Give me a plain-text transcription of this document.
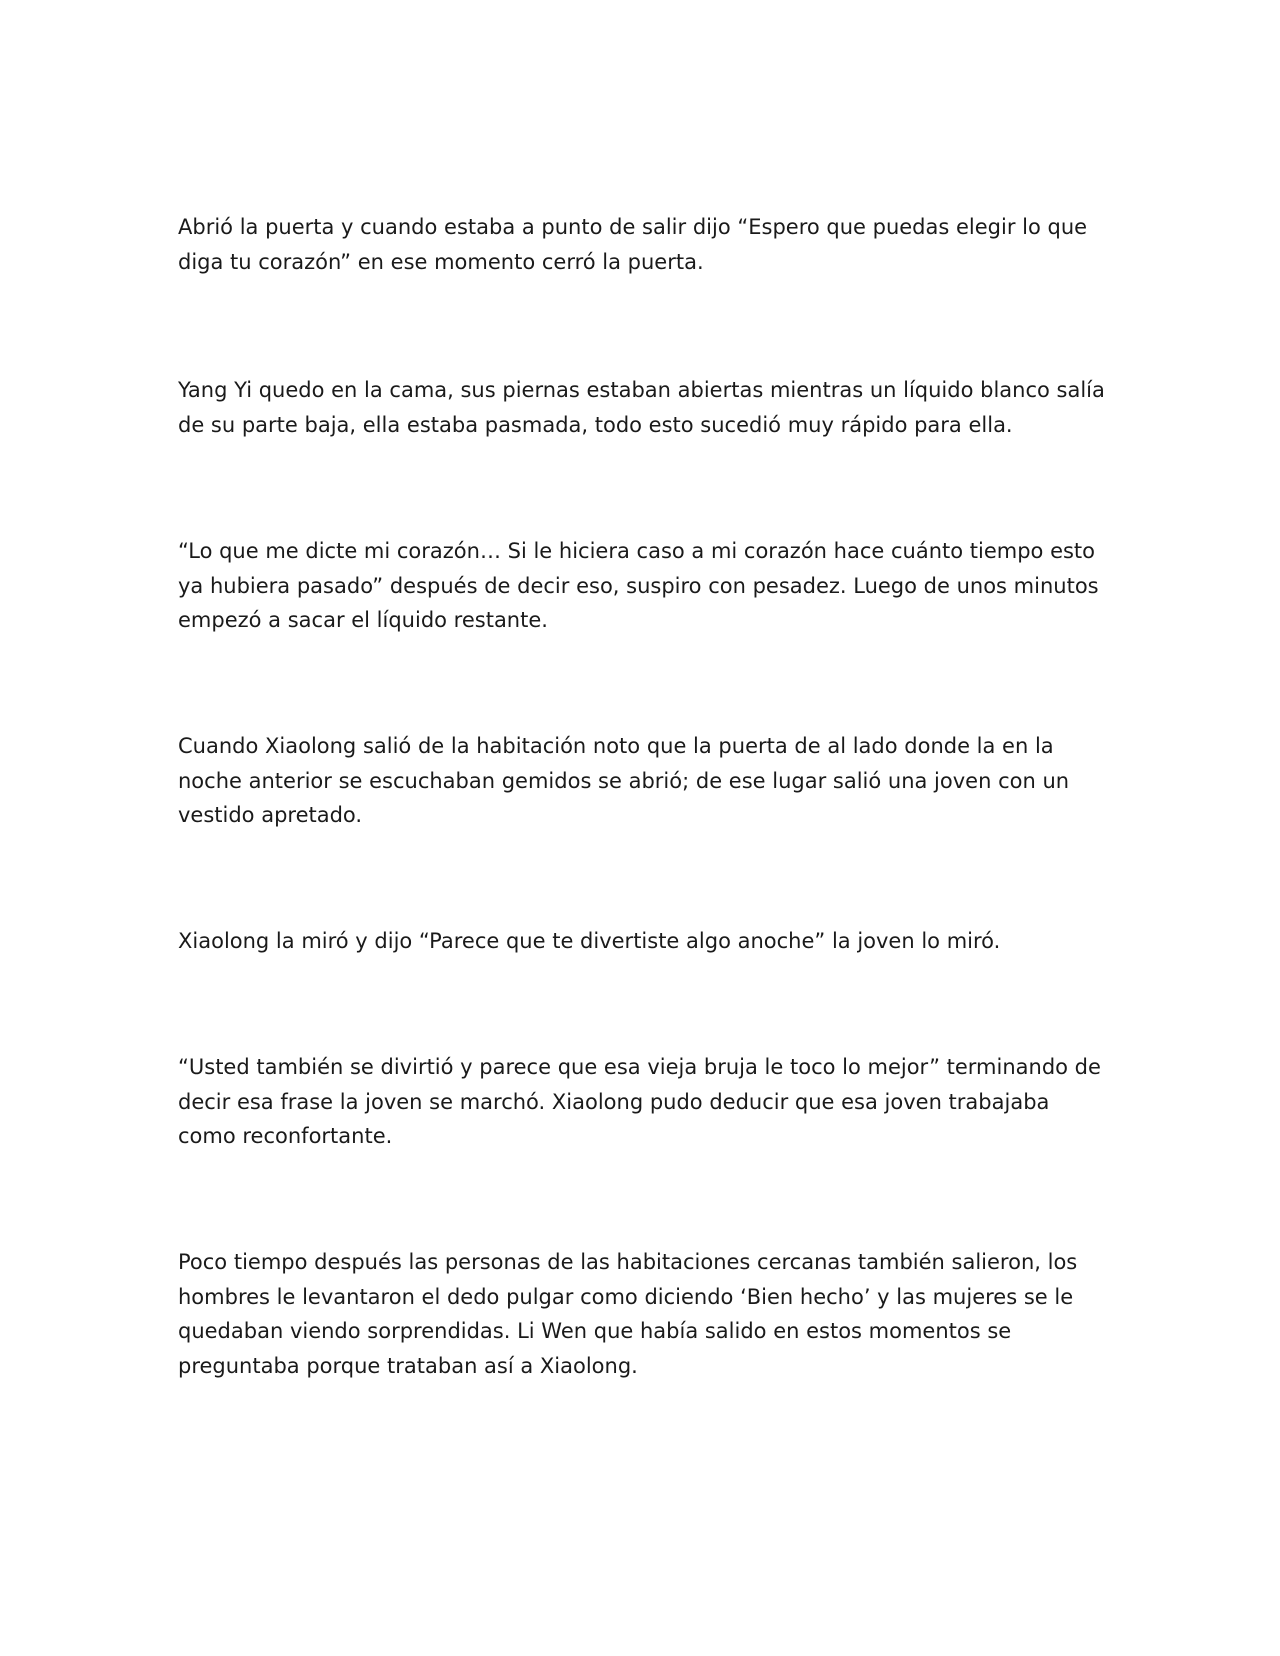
Abrió la puerta y cuando estaba a punto de salir dijo “Espero que puedas elegir lo que diga tu corazón” en ese momento cerró la puerta.

Yang Yi quedo en la cama, sus piernas estaban abiertas mientras un líquido blanco salía de su parte baja, ella estaba pasmada, todo esto sucedió muy rápido para ella.

“Lo que me dicte mi corazón… Si le hiciera caso a mi corazón hace cuánto tiempo esto ya hubiera pasado” después de decir eso, suspiro con pesadez. Luego de unos minutos empezó a sacar el líquido restante.

Cuando Xiaolong salió de la habitación noto que la puerta de al lado donde la en la noche anterior se escuchaban gemidos se abrió; de ese lugar salió una joven con un vestido apretado.

Xiaolong la miró y dijo “Parece que te divertiste algo anoche” la joven lo miró.

“Usted también se divirtió y parece que esa vieja bruja le toco lo mejor” terminando de decir esa frase la joven se marchó. Xiaolong pudo deducir que esa joven trabajaba como reconfortante.

Poco tiempo después las personas de las habitaciones cercanas también salieron, los hombres le levantaron el dedo pulgar como diciendo ‘Bien hecho’ y las mujeres se le quedaban viendo sorprendidas. Li Wen que había salido en estos momentos se preguntaba porque trataban así a Xiaolong.
